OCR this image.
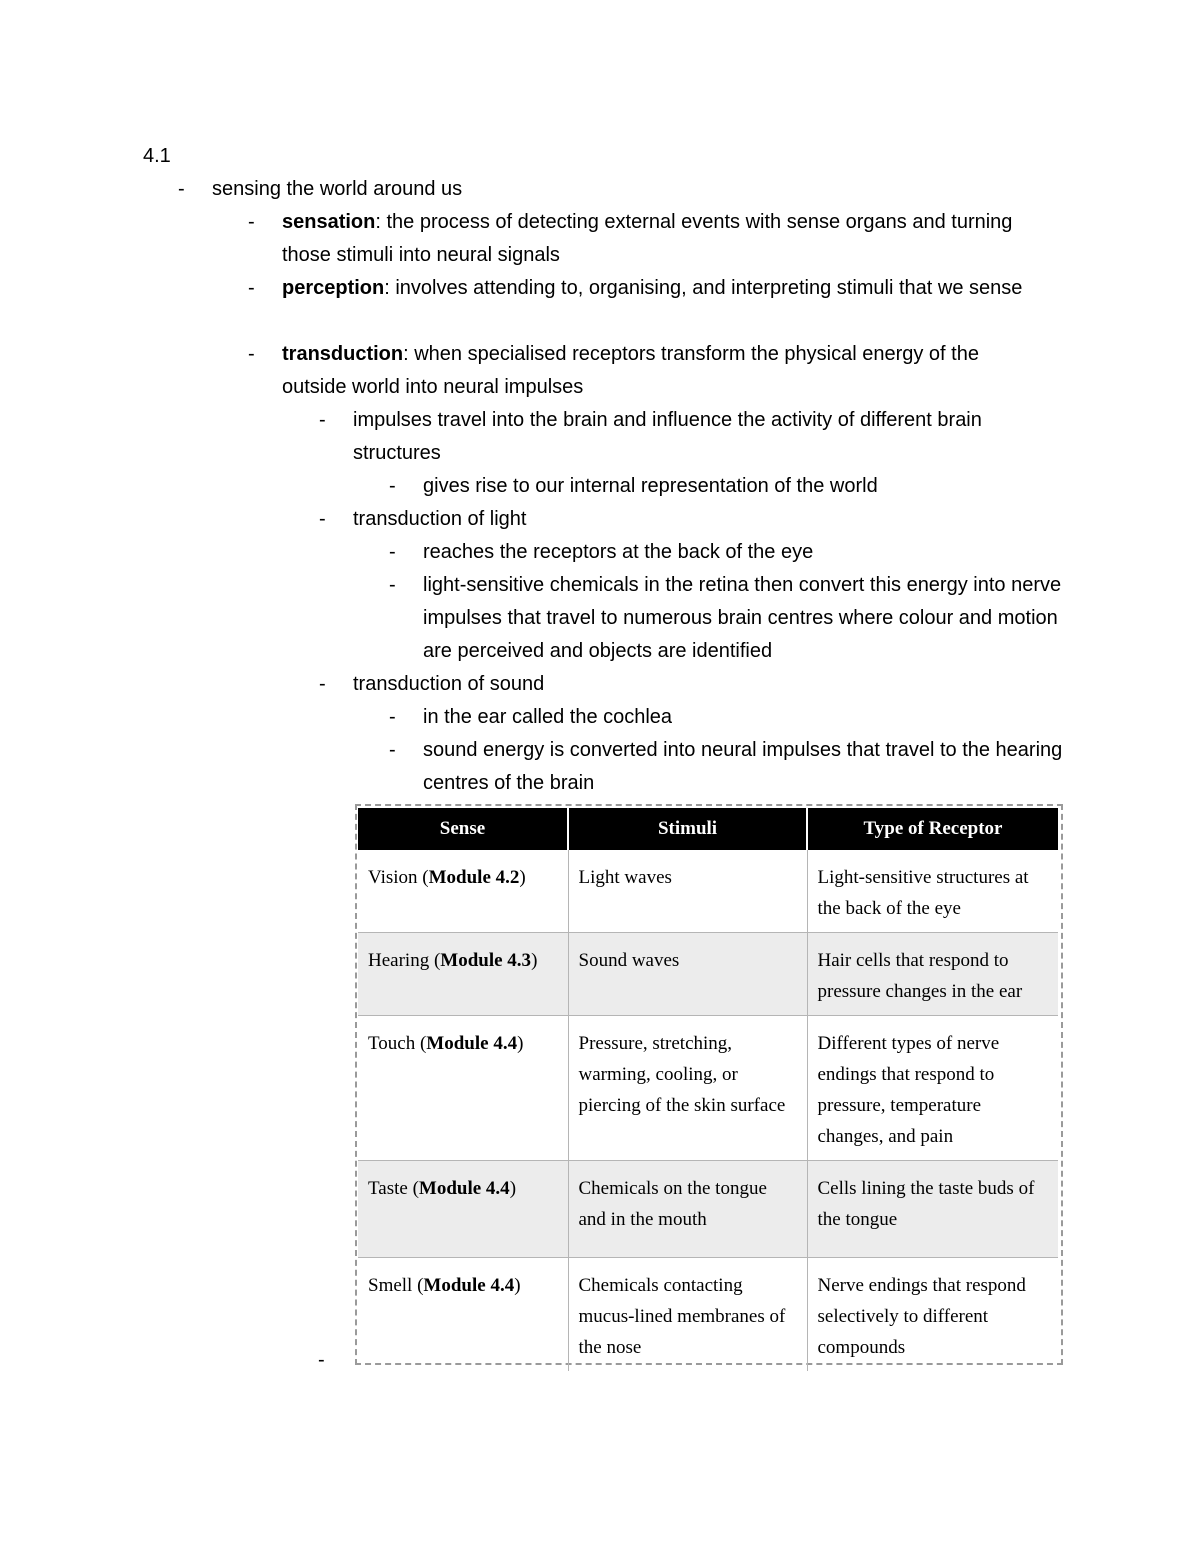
4.1
-	sensing the world around us
-	sensation: the process of detecting external events with sense organs and turning those stimuli into neural signals
-	perception: involves attending to, organising, and interpreting stimuli that we sense
-	transduction: when specialised receptors transform the physical energy of the outside world into neural impulses
-	impulses travel into the brain and influence the activity of different brain structures
-	gives rise to our internal representation of the world
-	transduction of light
-	reaches the receptors at the back of the eye
-	light-sensitive chemicals in the retina then convert this energy into nerve impulses that travel to numerous brain centres where colour and motion are perceived and objects are identified
-	transduction of sound
-	in the ear called the cochlea
-	sound energy is converted into neural impulses that travel to the hearing centres of the brain
Sense	Stimuli	Type of Receptor
Vision (Module 4.2)	Light waves	Light-sensitive structures at the back of the eye
Hearing (Module 4.3)	Sound waves	Hair cells that respond to pressure changes in the ear
Touch (Module 4.4)	Pressure, stretching, warming, cooling, or piercing of the skin surface	Different types of nerve endings that respond to pressure, temperature changes, and pain
Taste (Module 4.4)	Chemicals on the tongue and in the mouth	Cells lining the taste buds of the tongue
Smell (Module 4.4)	Chemicals contacting mucus-lined membranes of the nose	Nerve endings that respond selectively to different compounds
-
